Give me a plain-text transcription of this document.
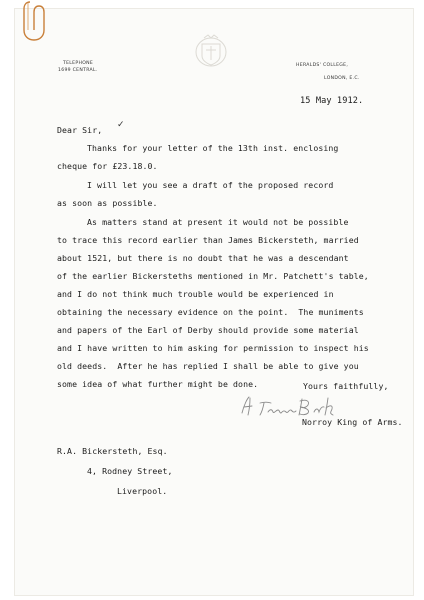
TELEPHONE
1699 CENTRAL.
HERALDS' COLLEGE,
LONDON, E.C.
15 May 1912.
Dear Sir,
✓
Thanks for your letter of the 13th inst. enclosing
cheque for £23.18.0.
I will let you see a draft of the proposed record
as soon as possible.
As matters stand at present it would not be possible
to trace this record earlier than James Bickersteth, married
about 1521, but there is no doubt that he was a descendant
of the earlier Bickersteths mentioned in Mr. Patchett's table,
and I do not think much trouble would be experienced in
obtaining the necessary evidence on the point.  The muniments
and papers of the Earl of Derby should provide some material
and I have written to him asking for permission to inspect his
old deeds.  After he has replied I shall be able to give you
some idea of what further might be done.	Yours faithfully,
Norroy King of Arms.
R.A. Bickersteth, Esq.
4, Rodney Street,
Liverpool.
